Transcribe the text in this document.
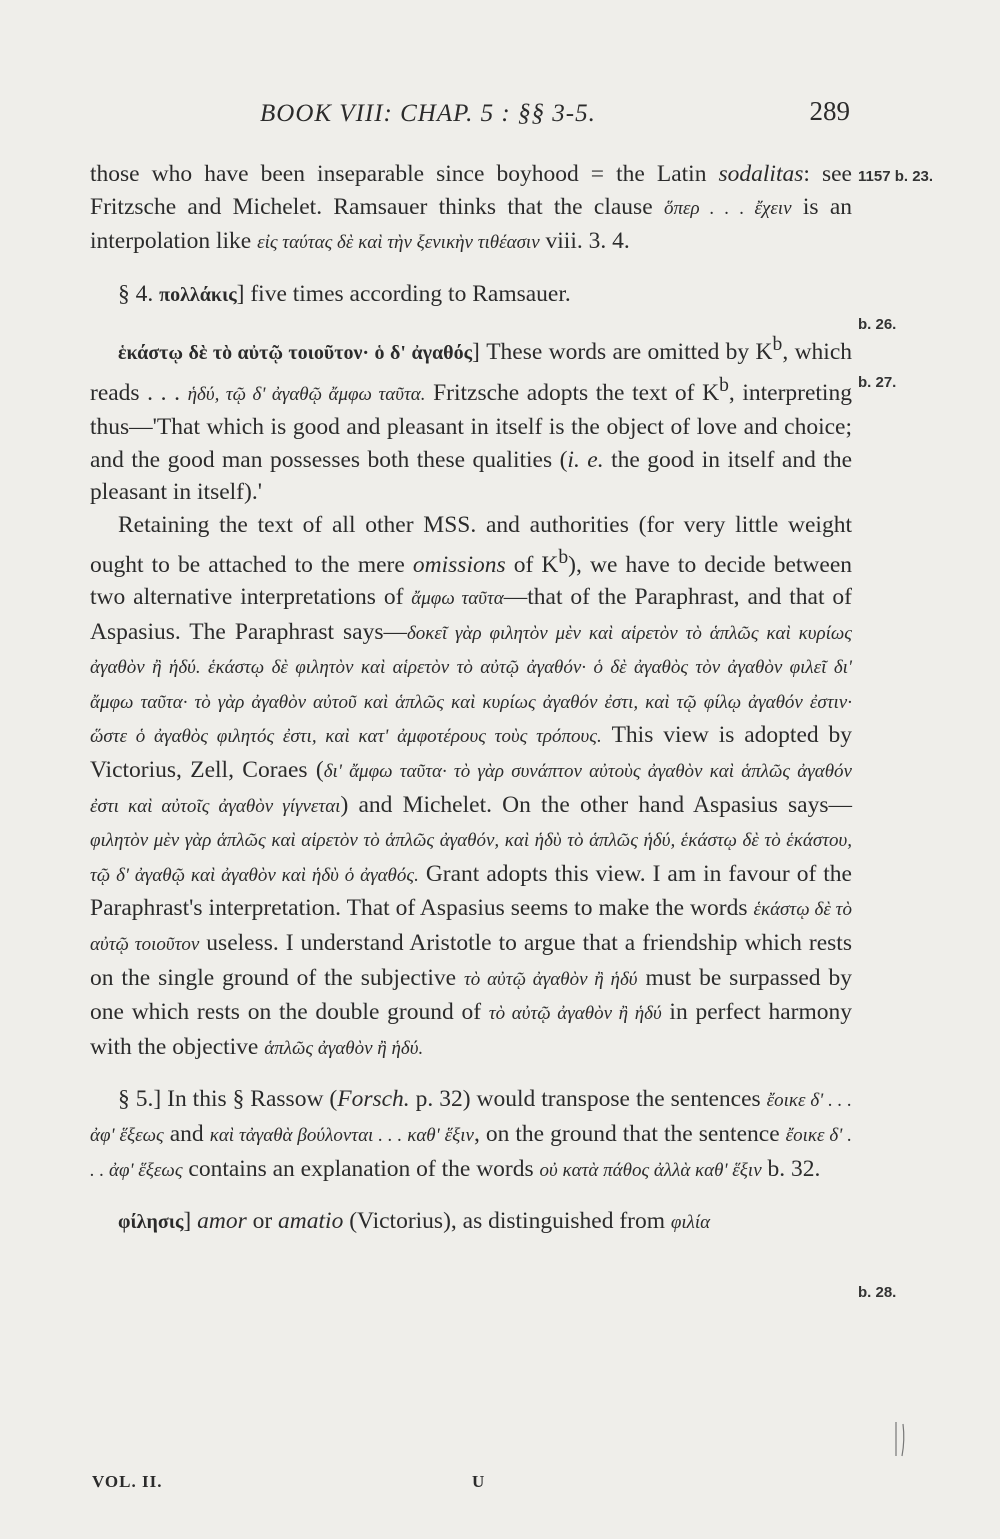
BOOK VIII: CHAP. 5 : §§ 3-5.	289
1157 b. 23.
b. 26.
b. 27.
b. 28.

those who have been inseparable since boyhood = the Latin sodalitas: see Fritzsche and Michelet. Ramsauer thinks that the clause ὅπερ . . . ἔχειν is an interpolation like εἰς ταύτας δὲ καὶ τὴν ξενικὴν τιθέασιν viii. 3. 4.

§ 4. πολλάκις] five times according to Ramsauer.

ἑκάστῳ δὲ τὸ αὐτῷ τοιοῦτον· ὁ δ' ἀγαθός] These words are omitted by $K^b$, which reads . . . ἡδύ, τῷ δ' ἀγαθῷ ἄμφω ταῦτα. Fritzsche adopts the text of $K^b$, interpreting thus—'That which is good and pleasant in itself is the object of love and choice; and the good man possesses both these qualities (i. e. the good in itself and the pleasant in itself).'

Retaining the text of all other MSS. and authorities (for very little weight ought to be attached to the mere omissions of $K^b$), we have to decide between two alternative interpretations of ἄμφω ταῦτα—that of the Paraphrast, and that of Aspasius. The Paraphrast says—δοκεῖ γὰρ φιλητὸν μὲν καὶ αἱρετὸν τὸ ἁπλῶς καὶ κυρίως ἀγαθὸν ἢ ἡδύ. ἑκάστῳ δὲ φιλητὸν καὶ αἱρετὸν τὸ αὐτῷ ἀγαθόν· ὁ δὲ ἀγαθὸς τὸν ἀγαθὸν φιλεῖ δι' ἄμφω ταῦτα· τὸ γὰρ ἀγαθὸν αὐτοῦ καὶ ἁπλῶς καὶ κυρίως ἀγαθόν ἐστι, καὶ τῷ φίλῳ ἀγαθόν ἐστιν· ὥστε ὁ ἀγαθὸς φιλητός ἐστι, καὶ κατ' ἀμφοτέρους τοὺς τρόπους. This view is adopted by Victorius, Zell, Coraes (δι' ἄμφω ταῦτα· τὸ γὰρ συνάπτον αὐτοὺς ἀγαθὸν καὶ ἁπλῶς ἀγαθόν ἐστι καὶ αὐτοῖς ἀγαθὸν γίγνεται) and Michelet. On the other hand Aspasius says—φιλητὸν μὲν γὰρ ἁπλῶς καὶ αἱρετὸν τὸ ἁπλῶς ἀγαθόν, καὶ ἡδὺ τὸ ἁπλῶς ἡδύ, ἑκάστῳ δὲ τὸ ἑκάστου, τῷ δ' ἀγαθῷ καὶ ἀγαθὸν καὶ ἡδὺ ὁ ἀγαθός. Grant adopts this view. I am in favour of the Paraphrast's interpretation. That of Aspasius seems to make the words ἑκάστῳ δὲ τὸ αὐτῷ τοιοῦτον useless. I understand Aristotle to argue that a friendship which rests on the single ground of the subjective τὸ αὐτῷ ἀγαθὸν ἢ ἡδύ must be surpassed by one which rests on the double ground of τὸ αὐτῷ ἀγαθὸν ἢ ἡδύ in perfect harmony with the objective ἁπλῶς ἀγαθὸν ἢ ἡδύ.

§ 5.] In this § Rassow (Forsch. p. 32) would transpose the sentences ἔοικε δ' . . . ἀφ' ἕξεως and καὶ τἀγαθὰ βούλονται . . . καθ' ἕξιν, on the ground that the sentence ἔοικε δ' . . . ἀφ' ἕξεως contains an explanation of the words οὐ κατὰ πάθος ἀλλὰ καθ' ἕξιν b. 32.

φίλησις] amor or amatio (Victorius), as distinguished from φιλία

VOL. II.	U
